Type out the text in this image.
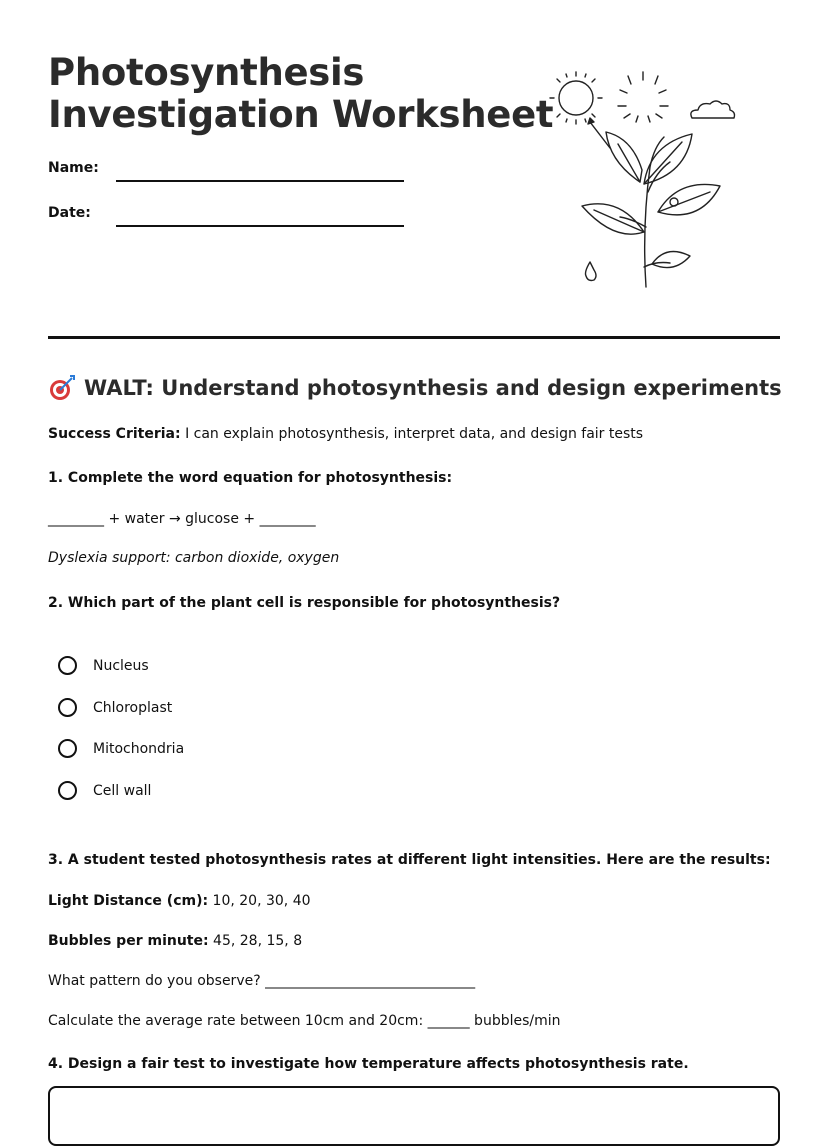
Photosynthesis
Investigation Worksheet
Name:
Date:
WALT: Understand photosynthesis and design experiments
Success Criteria: I can explain photosynthesis, interpret data, and design fair tests
1. Complete the word equation for photosynthesis:
________ + water → glucose + ________
Dyslexia support: carbon dioxide, oxygen
2. Which part of the plant cell is responsible for photosynthesis?
Nucleus
Chloroplast
Mitochondria
Cell wall
3. A student tested photosynthesis rates at different light intensities. Here are the results:
Light Distance (cm): 10, 20, 30, 40
Bubbles per minute: 45, 28, 15, 8
What pattern do you observe? ______________________________
Calculate the average rate between 10cm and 20cm: ______ bubbles/min
4. Design a fair test to investigate how temperature affects photosynthesis rate.
